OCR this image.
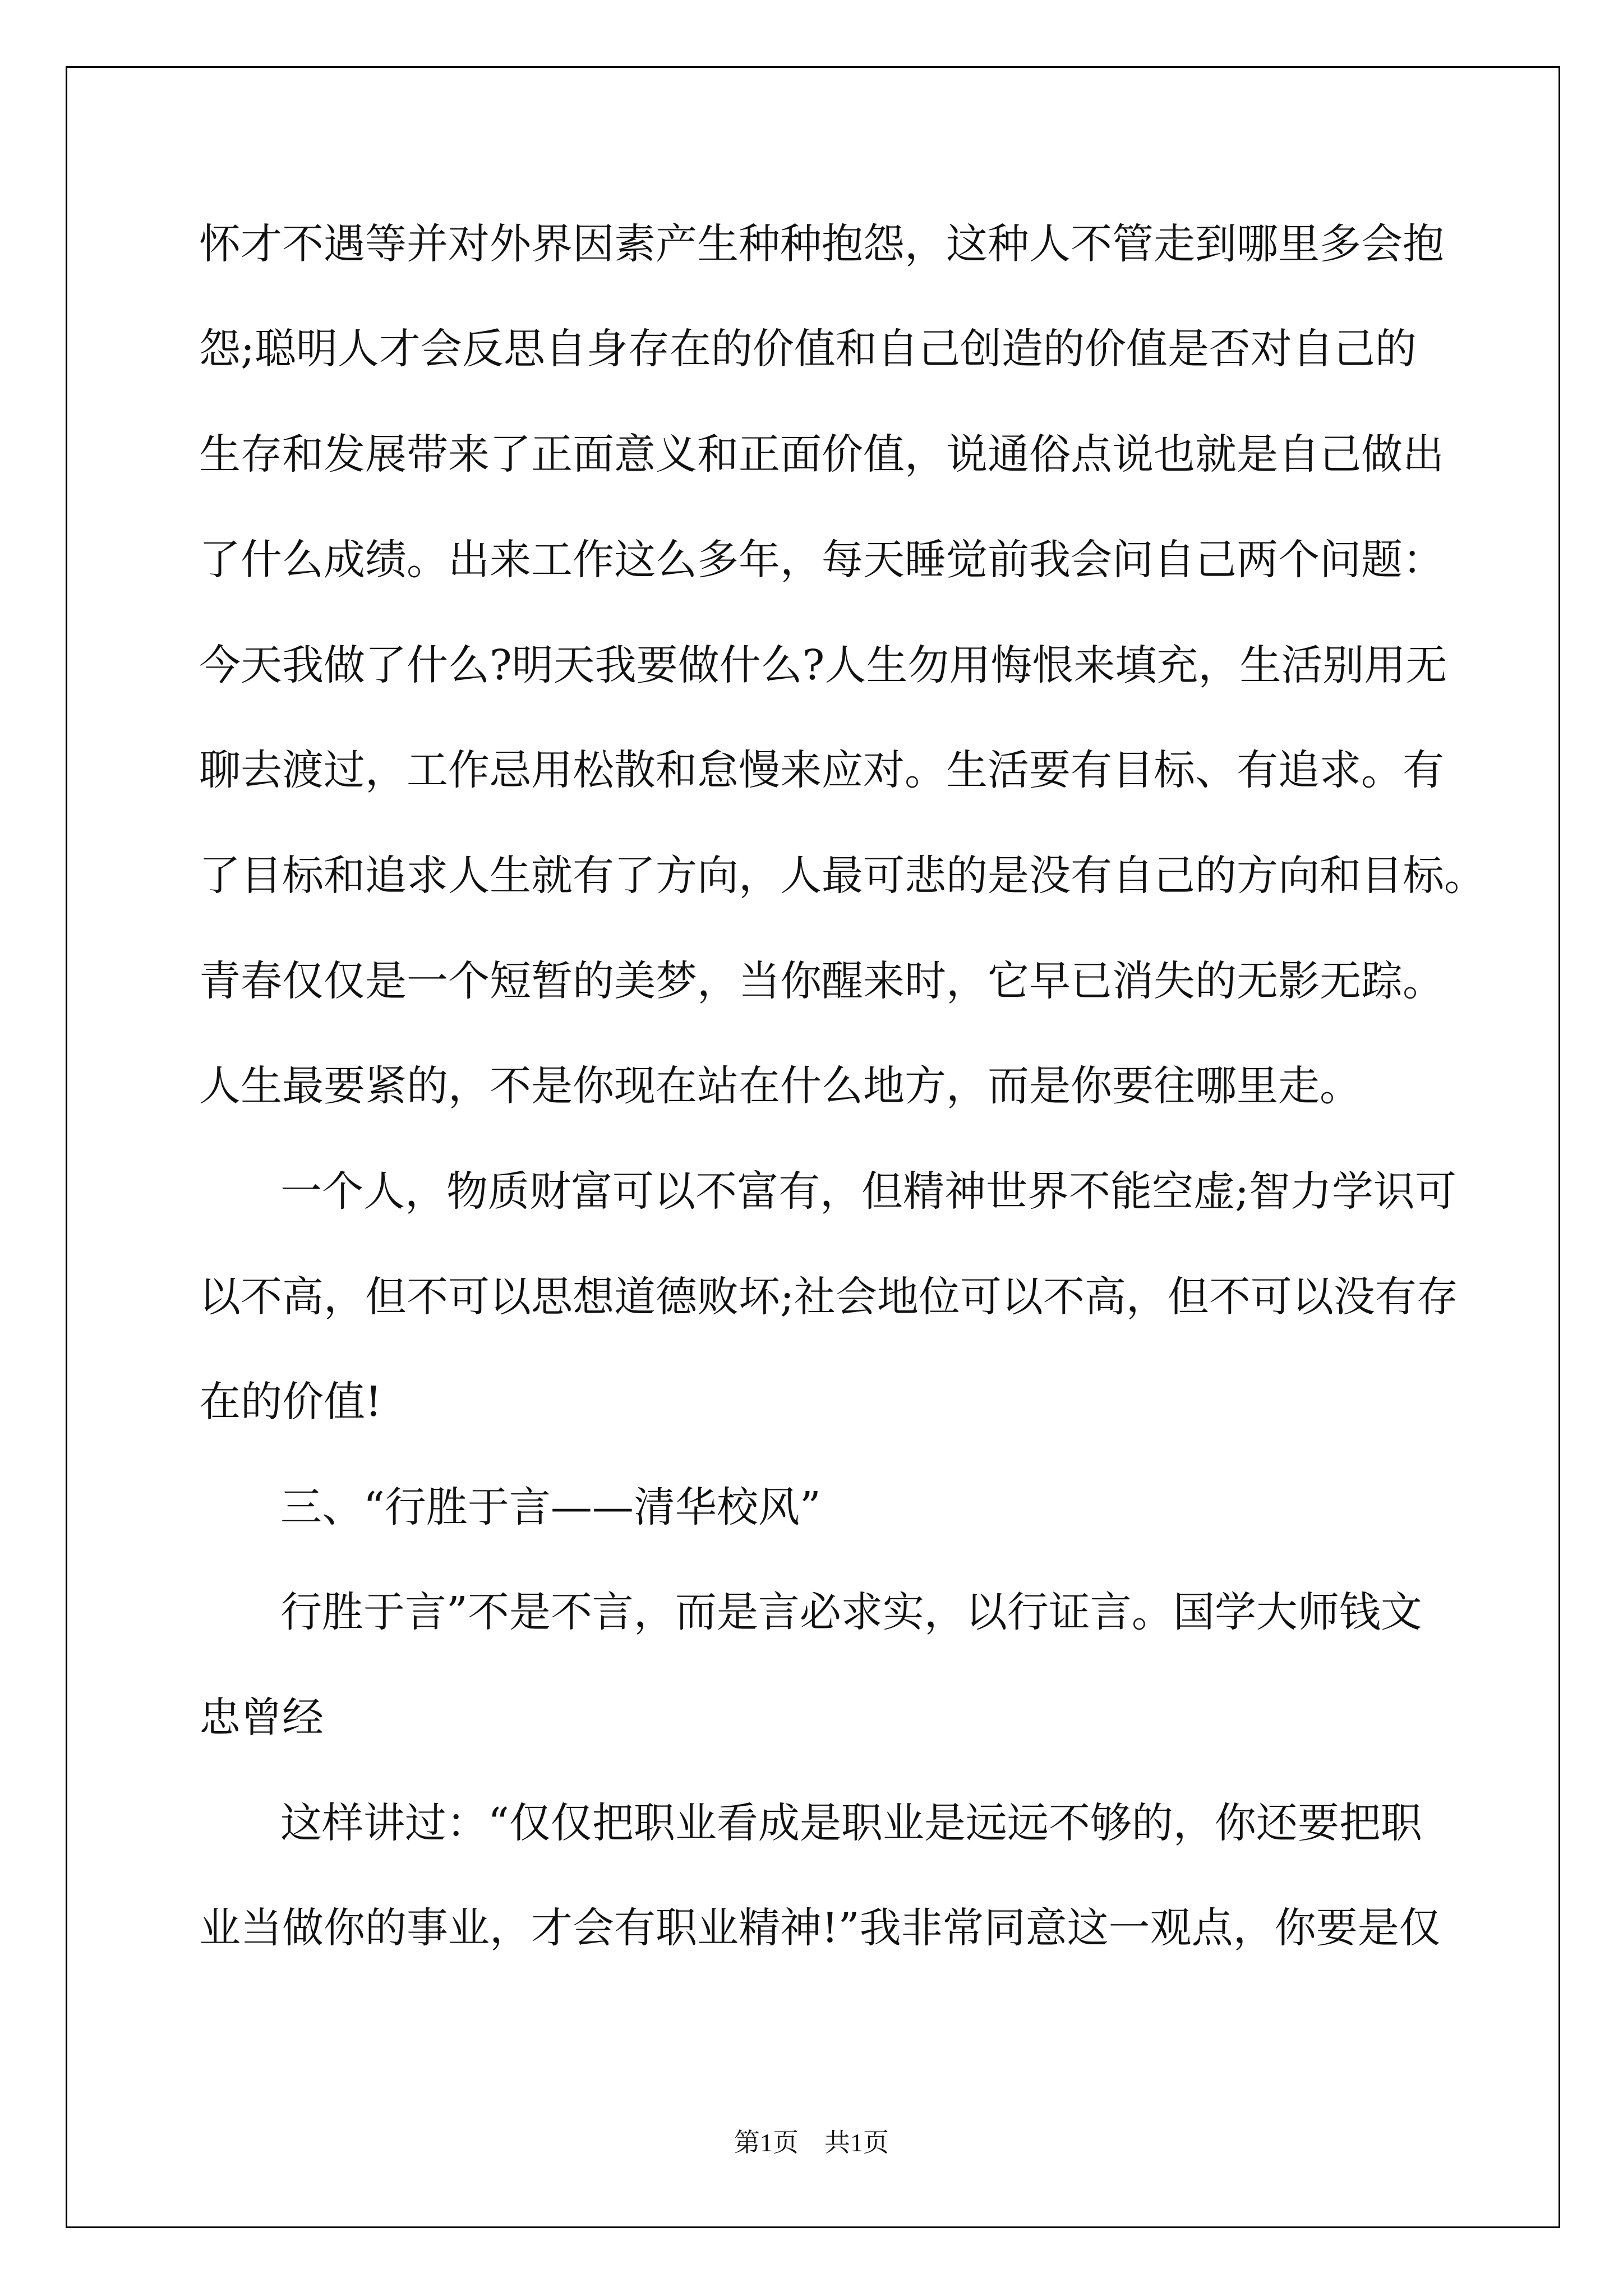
怀才不遇等并对外界因素产生种种抱怨，这种人不管走到哪里多会抱

怨;聪明人才会反思自身存在的价值和自己创造的价值是否对自己的

生存和发展带来了正面意义和正面价值，说通俗点说也就是自己做出

了什么成绩。出来工作这么多年，每天睡觉前我会问自己两个问题：

今天我做了什么?明天我要做什么?人生勿用悔恨来填充，生活别用无

聊去渡过，工作忌用松散和怠慢来应对。生活要有目标、有追求。有

了目标和追求人生就有了方向，人最可悲的是没有自己的方向和目标。

青春仅仅是一个短暂的美梦，当你醒来时，它早已消失的无影无踪。

人生最要紧的，不是你现在站在什么地方，而是你要往哪里走。

一个人，物质财富可以不富有，但精神世界不能空虚;智力学识可

以不高，但不可以思想道德败坏;社会地位可以不高，但不可以没有存

在的价值!

三、“行胜于言——清华校风”

行胜于言”不是不言，而是言必求实，以行证言。国学大师钱文

忠曾经

这样讲过：“仅仅把职业看成是职业是远远不够的，你还要把职

业当做你的事业，才会有职业精神!”我非常同意这一观点，你要是仅

第1页　共1页
